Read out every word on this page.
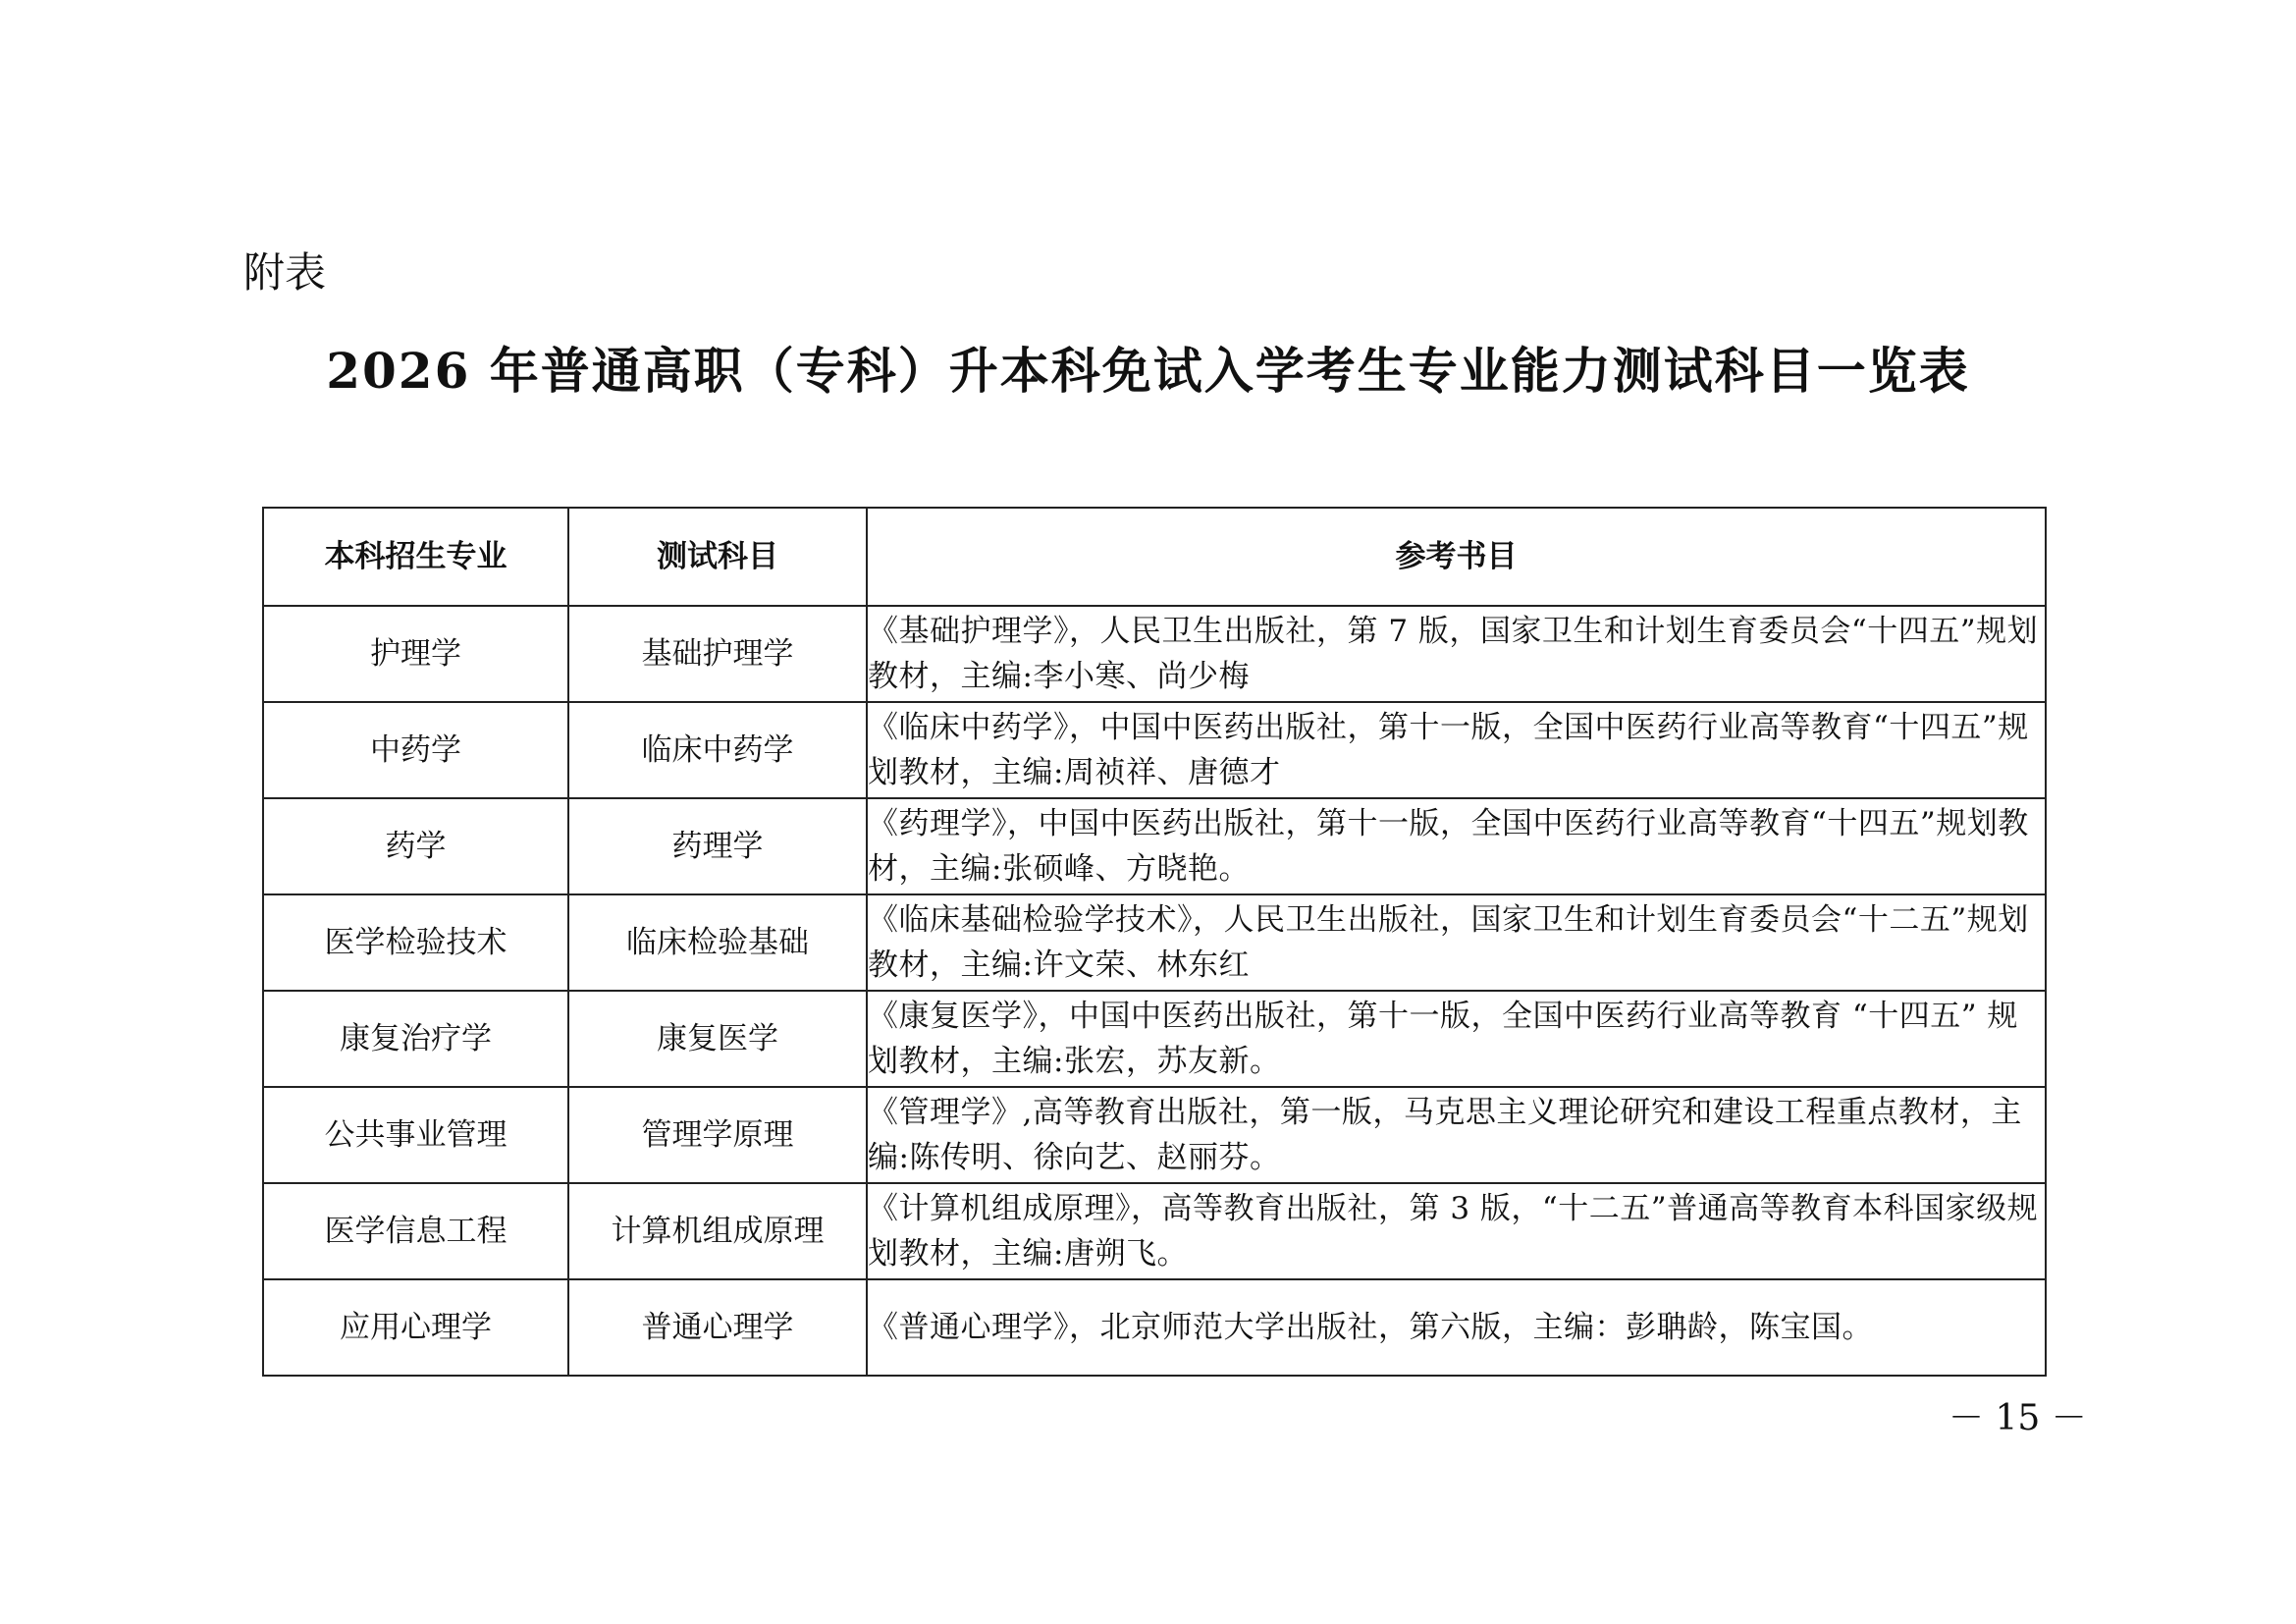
附表
2026 年普通高职（专科）升本科免试入学考生专业能力测试科目一览表
本科招生专业	测试科目	参考书目
护理学	基础护理学	《基础护理学》，人民卫生出版社，第 7 版，国家卫生和计划生育委员会“十四五”规划教材，主编:李小寒、尚少梅
中药学	临床中药学	《临床中药学》，中国中医药出版社，第十一版，全国中医药行业高等教育“十四五”规划教材，主编:周祯祥、唐德才
药学	药理学	《药理学》，中国中医药出版社，第十一版，全国中医药行业高等教育“十四五”规划教材，主编:张硕峰、方晓艳。
医学检验技术	临床检验基础	《临床基础检验学技术》，人民卫生出版社，国家卫生和计划生育委员会“十二五”规划教材，主编:许文荣、林东红
康复治疗学	康复医学	《康复医学》，中国中医药出版社，第十一版，全国中医药行业高等教育 “十四五” 规划教材，主编:张宏，苏友新。
公共事业管理	管理学原理	《管理学》,高等教育出版社，第一版，马克思主义理论研究和建设工程重点教材，主编:陈传明、徐向艺、赵丽芬。
医学信息工程	计算机组成原理	《计算机组成原理》，高等教育出版社，第 3 版，“十二五”普通高等教育本科国家级规划教材，主编:唐朔飞。
应用心理学	普通心理学	《普通心理学》，北京师范大学出版社，第六版，主编：彭聃龄，陈宝国。
－ 15 －
